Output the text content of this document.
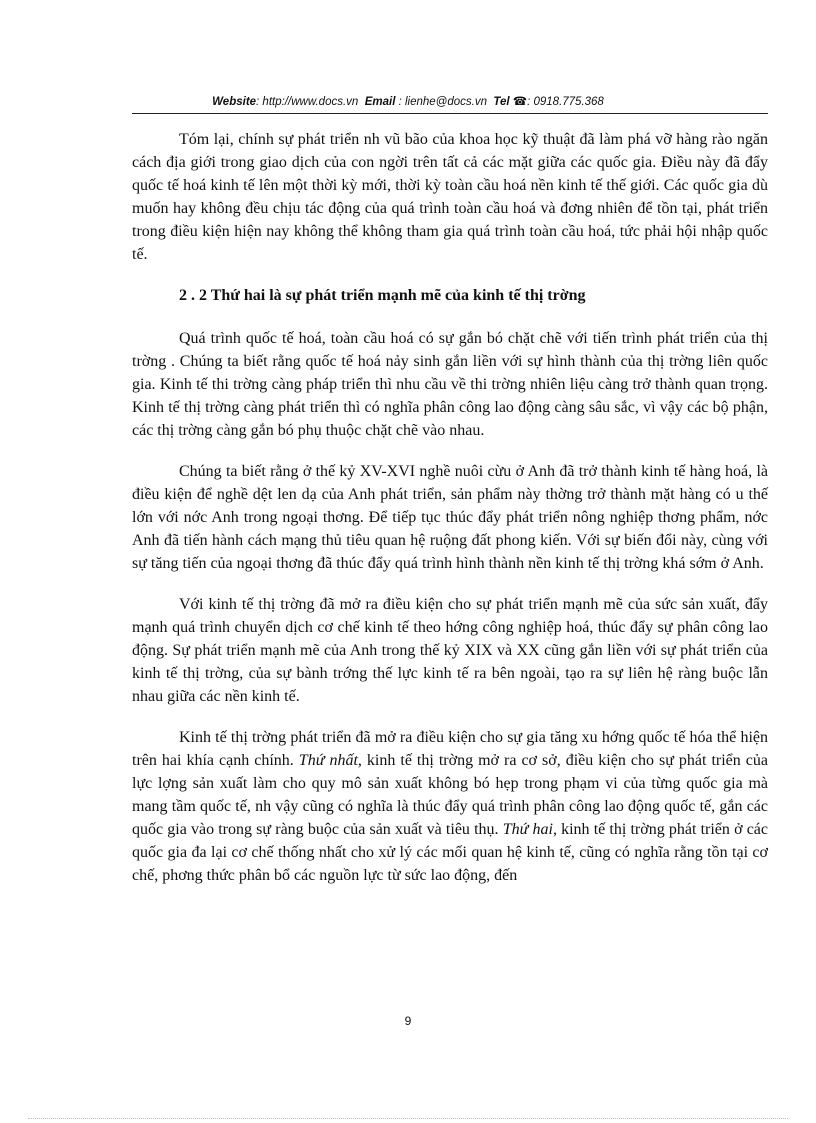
Website: http://www.docs.vn Email : lienhe@docs.vn Tel ☎: 0918.775.368

Tóm lại, chính sự phát triển nh vũ bão của khoa học kỹ thuật đã làm phá vỡ hàng rào ngăn cách địa giới trong giao dịch của con ngời trên tất cả các mặt giữa các quốc gia. Điều này đã đẩy quốc tế hoá kinh tế lên một thời kỳ mới, thời kỳ toàn cầu hoá nền kinh tế thế giới. Các quốc gia dù muốn hay không đều chịu tác động của quá trình toàn cầu hoá và đơng nhiên để tồn tại, phát triển trong điều kiện hiện nay không thể không tham gia quá trình toàn cầu hoá, tức phải hội nhập quốc tế.

2 . 2 Thứ hai là sự phát triển mạnh mẽ của kinh tế thị trờng

Quá trình quốc tế hoá, toàn cầu hoá có sự gắn bó chặt chẽ với tiến trình phát triển của thị trờng . Chúng ta biết rằng quốc tế hoá nảy sinh gắn liền với sự hình thành của thị trờng liên quốc gia. Kinh tế thi trờng càng pháp triển thì nhu cầu về thi trờng nhiên liệu càng trở thành quan trọng. Kinh tế thị trờng càng phát triển thì có nghĩa phân công lao động càng sâu sắc, vì vậy các bộ phận, các thị trờng càng gắn bó phụ thuộc chặt chẽ vào nhau.

Chúng ta biết rằng ở thế kỷ XV-XVI nghề nuôi cừu ở Anh đã trở thành kinh tế hàng hoá, là điều kiện để nghề dệt len dạ của Anh phát triển, sản phẩm này thờng trở thành mặt hàng có u thế lớn với nớc Anh trong ngoại thơng. Để tiếp tục thúc đẩy phát triển nông nghiệp thơng phẩm, nớc Anh đã tiến hành cách mạng thủ tiêu quan hệ ruộng đất phong kiến. Với sự biến đổi này, cùng với sự tăng tiến của ngoại thơng đã thúc đẩy quá trình hình thành nền kinh tế thị trờng khá sớm ở Anh.

Với kinh tế thị trờng đã mở ra điều kiện cho sự phát triển mạnh mẽ của sức sản xuất, đẩy mạnh quá trình chuyển dịch cơ chế kinh tế theo hớng công nghiệp hoá, thúc đẩy sự phân công lao động. Sự phát triển mạnh mẽ của Anh trong thế kỷ XIX và XX cũng gắn liền với sự phát triển của kinh tế thị trờng, của sự bành trớng thế lực kinh tế ra bên ngoài, tạo ra sự liên hệ ràng buộc lẫn nhau giữa các nền kinh tế.

Kinh tế thị trờng phát triển đã mở ra điều kiện cho sự gia tăng xu hớng quốc tế hóa thể hiện trên hai khía cạnh chính. Thứ nhất, kinh tế thị trờng mở ra cơ sở, điều kiện cho sự phát triển của lực lợng sản xuất làm cho quy mô sản xuất không bó hẹp trong phạm vi của từng quốc gia mà mang tầm quốc tế, nh vậy cũng có nghĩa là thúc đẩy quá trình phân công lao động quốc tế, gắn các quốc gia vào trong sự ràng buộc của sản xuất và tiêu thụ. Thứ hai, kinh tế thị trờng phát triển ở các quốc gia đa lại cơ chế thống nhất cho xử lý các mối quan hệ kinh tế, cũng có nghĩa rằng tồn tại cơ chế, phơng thức phân bổ các nguồn lực từ sức lao động, đến

9
